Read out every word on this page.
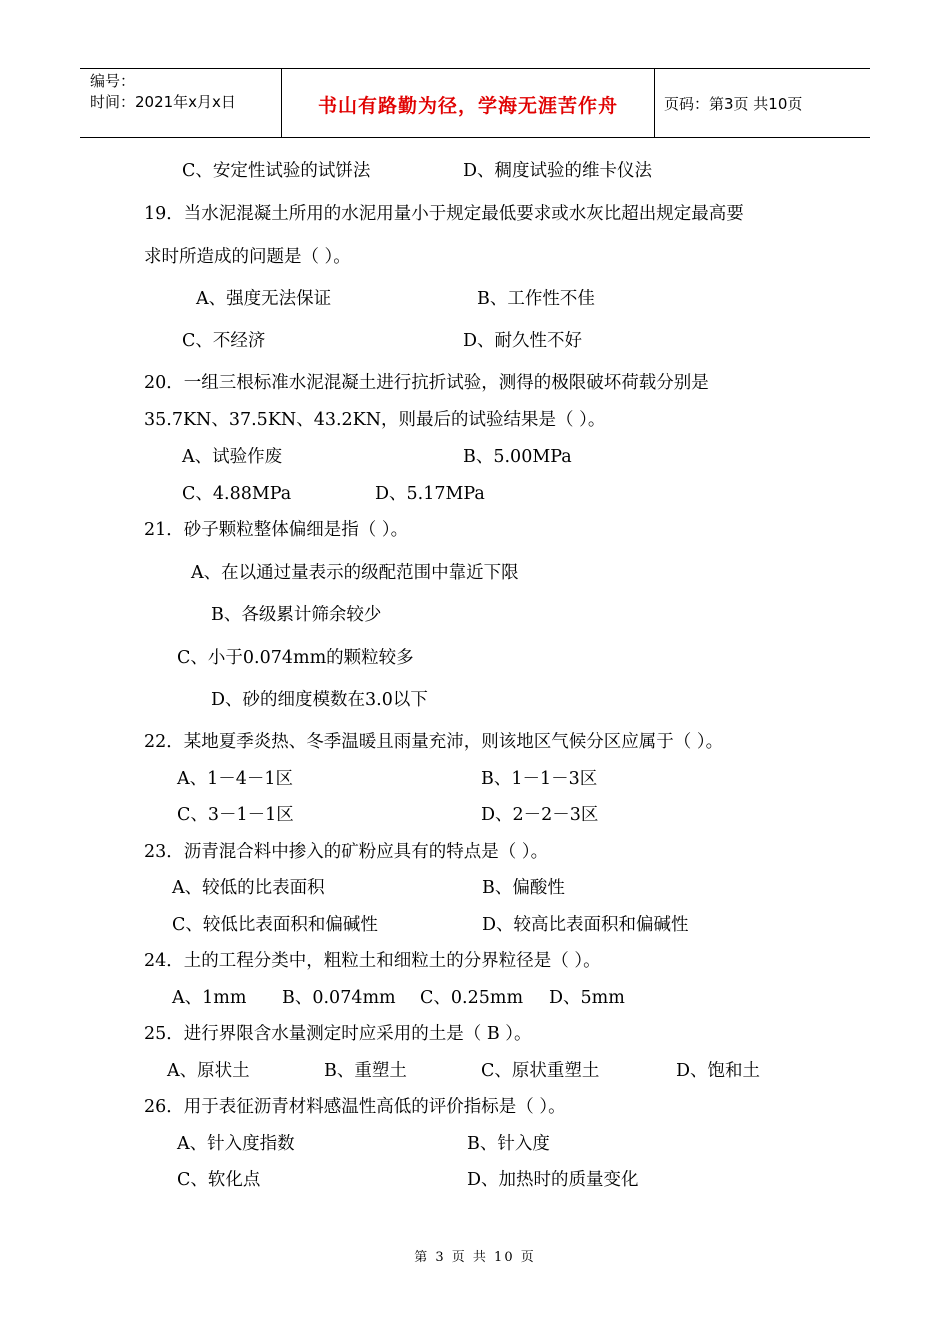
编号：
时间：2021年x月x日	书山有路勤为径，学海无涯苦作舟	页码：第3页 共10页
C、安定性试验的试饼法	D、稠度试验的维卡仪法
19．当水泥混凝土所用的水泥用量小于规定最低要求或水灰比超出规定最高要
求时所造成的问题是（ ）。
A、强度无法保证	B、工作性不佳
C、不经济	D、耐久性不好
20．一组三根标准水泥混凝土进行抗折试验，测得的极限破坏荷载分别是
35.7KN、37.5KN、43.2KN，则最后的试验结果是（ ）。
A、试验作废	B、5.00MPa
C、4.88MPa	D、5.17MPa
21．砂子颗粒整体偏细是指（ ）。
A、在以通过量表示的级配范围中靠近下限
B、各级累计筛余较少
C、小于0.074mm的颗粒较多
D、砂的细度模数在3.0以下
22．某地夏季炎热、冬季温暖且雨量充沛，则该地区气候分区应属于（ ）。
A、1－4－1区	B、1－1－3区
C、3－1－1区	D、2－2－3区
23．沥青混合料中掺入的矿粉应具有的特点是（ ）。
A、较低的比表面积	B、偏酸性
C、较低比表面积和偏碱性	D、较高比表面积和偏碱性
24．土的工程分类中，粗粒土和细粒土的分界粒径是（ ）。
A、1mm B、0.074mm C、0.25mm D、5mm
25．进行界限含水量测定时应采用的土是（ B ）。
A、原状土	B、重塑土	C、原状重塑土	D、饱和土
26．用于表征沥青材料感温性高低的评价指标是（ ）。
A、针入度指数	B、针入度
C、软化点	D、加热时的质量变化
第 3 页 共 10 页
